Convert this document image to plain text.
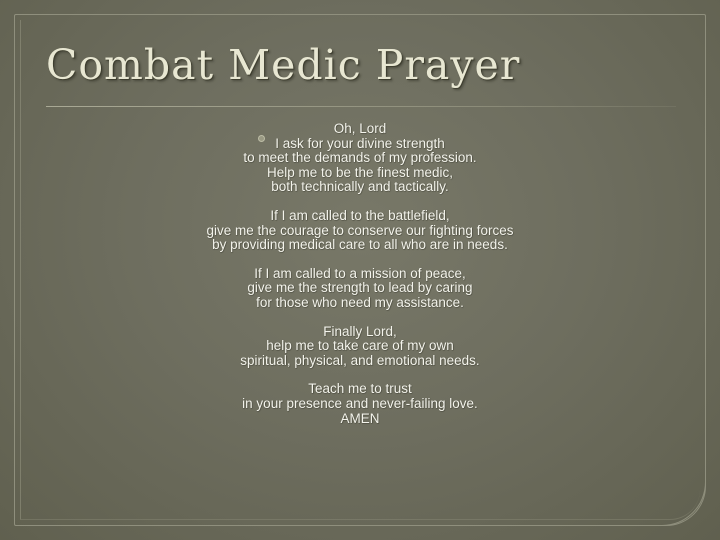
Combat Medic Prayer

Oh, Lord
I ask for your divine strength
to meet the demands of my profession.
Help me to be the finest medic,
both technically and tactically.

If I am called to the battlefield,
give me the courage to conserve our fighting forces
by providing medical care to all who are in needs.

If I am called to a mission of peace,
give me the strength to lead by caring
for those who need my assistance.

Finally Lord,
help me to take care of my own
spiritual, physical, and emotional needs.

Teach me to trust
in your presence and never-failing love.
AMEN
